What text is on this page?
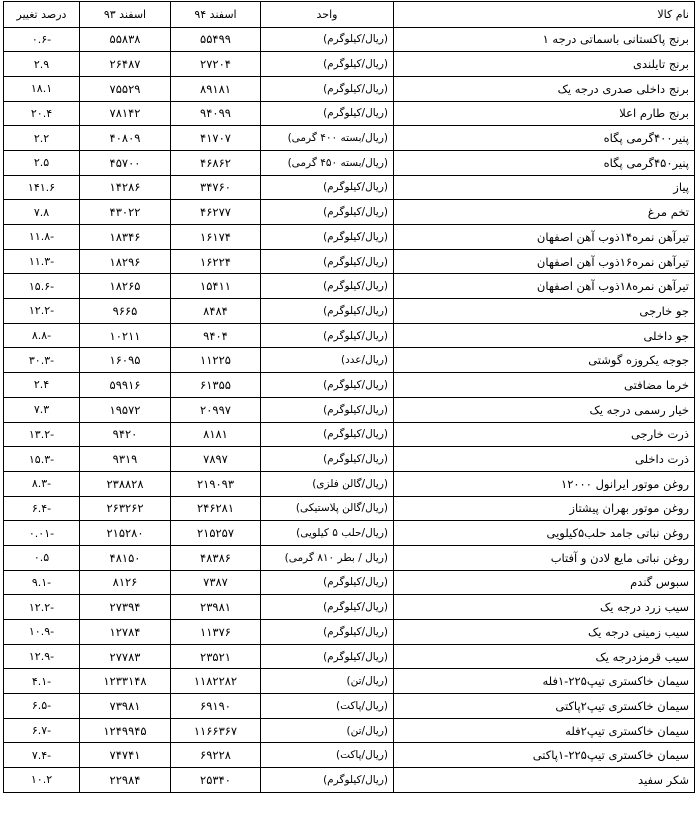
نام کالا	واحد	اسفند ۹۴	اسفند ۹۳	درصد تغییر
برنج پاکستانی باسماتی درجه ۱	(ریال/کیلوگرم)	۵۵۴۹۹	۵۵۸۳۸	-۰.۶
برنج تایلندی	(ریال/کیلوگرم)	۲۷۲۰۴	۲۶۴۸۷	۲.۹
برنج داخلی صدری درجه یک	(ریال/کیلوگرم)	۸۹۱۸۱	۷۵۵۲۹	۱۸.۱
برنج طارم اعلا	(ریال/کیلوگرم)	۹۴۰۹۹	۷۸۱۴۲	۲۰.۴
پنیر۴۰۰گرمی پگاه	(ریال/بسته ۴۰۰ گرمی)	۴۱۷۰۷	۴۰۸۰۹	۲.۲
پنیر۴۵۰گرمی پگاه	(ریال/بسته ۴۵۰ گرمی)	۴۶۸۶۲	۴۵۷۰۰	۲.۵
پیاز	(ریال/کیلوگرم)	۳۴۷۶۰	۱۴۲۸۶	۱۴۱.۶
تخم مرغ	(ریال/کیلوگرم)	۴۶۲۷۷	۴۳۰۲۲	۷.۸
تیرآهن نمره۱۴ذوب آهن اصفهان	(ریال/کیلوگرم)	۱۶۱۷۴	۱۸۳۴۶	-۱۱.۸
تیرآهن نمره۱۶ذوب آهن اصفهان	(ریال/کیلوگرم)	۱۶۲۲۴	۱۸۲۹۶	-۱۱.۳
تیرآهن نمره۱۸ذوب آهن اصفهان	(ریال/کیلوگرم)	۱۵۴۱۱	۱۸۲۶۵	-۱۵.۶
جو خارجی	(ریال/کیلوگرم)	۸۴۸۴	۹۶۶۵	-۱۲.۲
جو داخلی	(ریال/کیلوگرم)	۹۴۰۴	۱۰۲۱۱	-۸.۸
جوجه یکروزه گوشتی	(ریال/عدد)	۱۱۲۲۵	۱۶۰۹۵	-۳۰.۳
خرما مضافتی	(ریال/کیلوگرم)	۶۱۳۵۵	۵۹۹۱۶	۲.۴
خیار رسمی درجه یک	(ریال/کیلوگرم)	۲۰۹۹۷	۱۹۵۷۲	۷.۳
ذرت خارجی	(ریال/کیلوگرم)	۸۱۸۱	۹۴۲۰	-۱۳.۲
ذرت داخلی	(ریال/کیلوگرم)	۷۸۹۷	۹۳۱۹	-۱۵.۳
روغن موتور ایرانول ۱۲۰۰۰	(ریال/گالن فلزی)	۲۱۹۰۹۳	۲۳۸۸۲۸	-۸.۳
روغن موتور بهران پیشتاز	(ریال/گالن پلاستیکی)	۲۴۶۲۸۱	۲۶۳۲۶۲	-۶.۴
روغن نباتی جامد حلب۵کیلویی	(ریال/حلب ۵ کیلویی)	۲۱۵۲۵۷	۲۱۵۲۸۰	-۰.۰۱
روغن نباتی مایع لادن و آفتاب	(ریال / بطر ۸۱۰ گرمی)	۴۸۳۸۶	۴۸۱۵۰	۰.۵
سبوس گندم	(ریال/کیلوگرم)	۷۳۸۷	۸۱۲۶	-۹.۱
سیب زرد درجه یک	(ریال/کیلوگرم)	۲۳۹۸۱	۲۷۳۹۴	-۱۲.۲
سیب زمینی درجه یک	(ریال/کیلوگرم)	۱۱۳۷۶	۱۲۷۸۴	-۱۰.۹
سیب قرمزدرجه یک	(ریال/کیلوگرم)	۲۳۵۲۱	۲۷۷۸۳	-۱۲.۹
سیمان خاکستری تیپ۲۲۵-۱فله	(ریال/تن)	۱۱۸۲۲۸۲	۱۲۳۳۱۴۸	-۴.۱
سیمان خاکستری تیپ۲پاکتی	(ریال/پاکت)	۶۹۱۹۰	۷۳۹۸۱	-۶.۵
سیمان خاکستری تیپ۲فله	(ریال/تن)	۱۱۶۶۳۶۷	۱۲۴۹۹۴۵	-۶.۷
سیمان خاکستری تیپ۲۲۵-۱پاکتی	(ریال/پاکت)	۶۹۲۲۸	۷۴۷۴۱	-۷.۴
شکر سفید	(ریال/کیلوگرم)	۲۵۳۴۰	۲۲۹۸۴	۱۰.۲
